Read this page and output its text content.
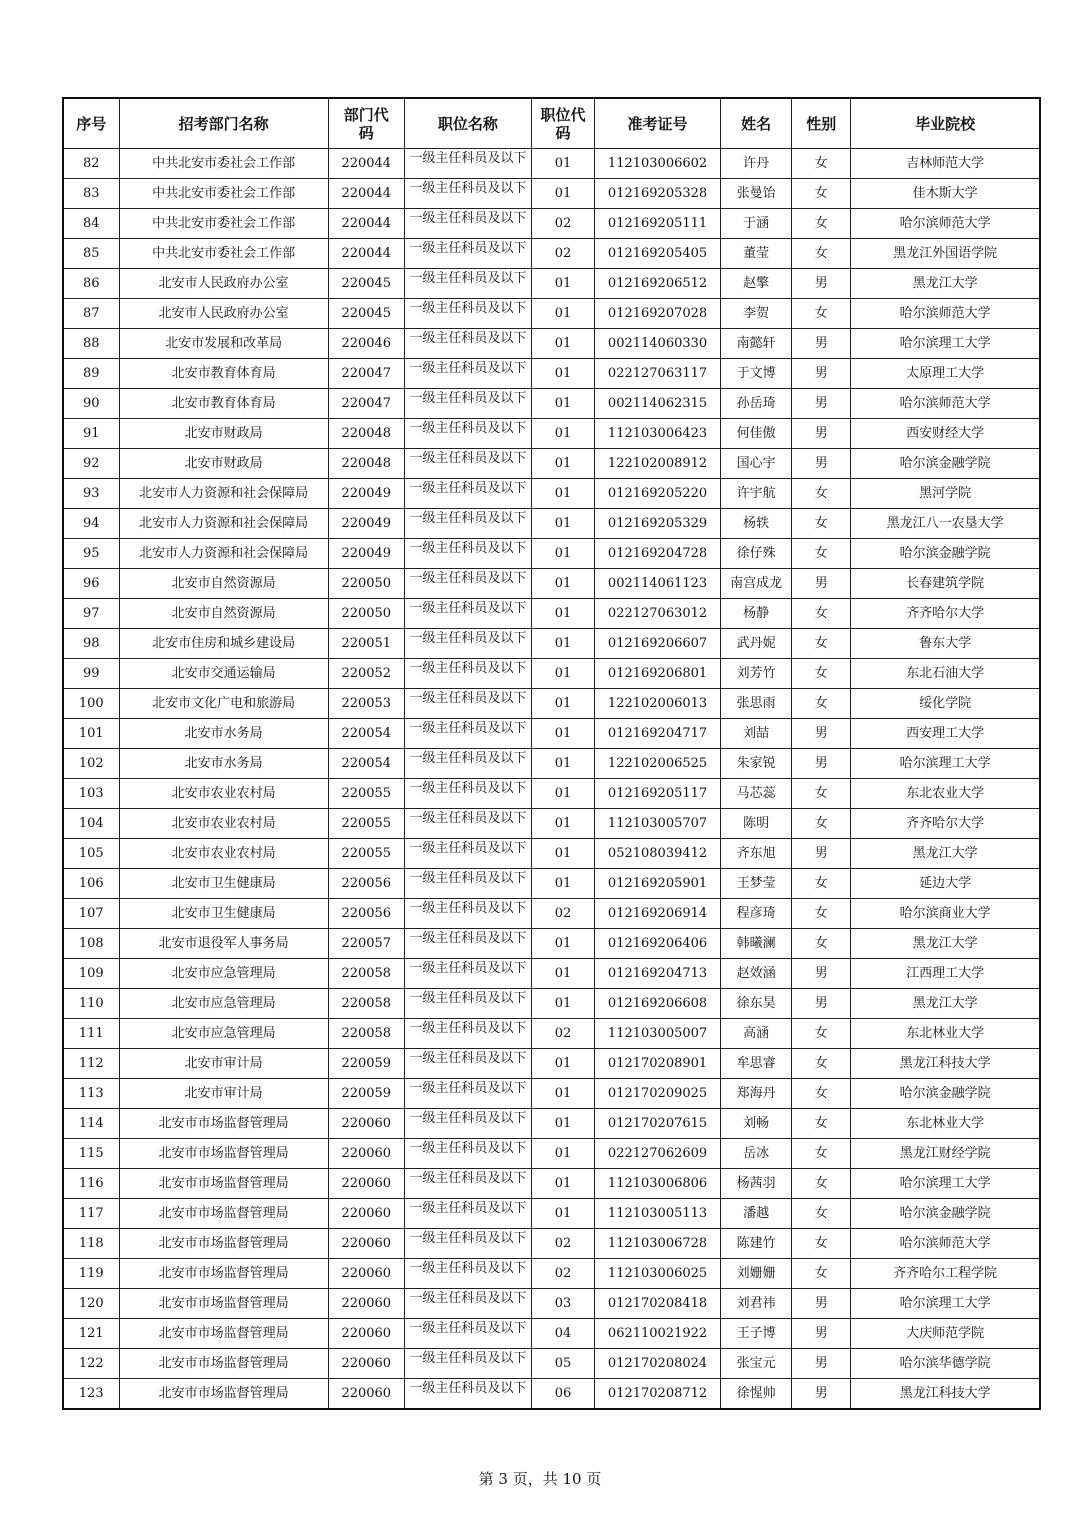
序号	招考部门名称	部门代码	职位名称	职位代码	准考证号	姓名	性别	毕业院校
82	中共北安市委社会工作部	220044	一级主任科员及以下	01	112103006602	许丹	女	吉林师范大学
83	中共北安市委社会工作部	220044	一级主任科员及以下	01	012169205328	张曼饴	女	佳木斯大学
84	中共北安市委社会工作部	220044	一级主任科员及以下	02	012169205111	于涵	女	哈尔滨师范大学
85	中共北安市委社会工作部	220044	一级主任科员及以下	02	012169205405	董莹	女	黑龙江外国语学院
86	北安市人民政府办公室	220045	一级主任科员及以下	01	012169206512	赵擎	男	黑龙江大学
87	北安市人民政府办公室	220045	一级主任科员及以下	01	012169207028	李贺	女	哈尔滨师范大学
88	北安市发展和改革局	220046	一级主任科员及以下	01	002114060330	南懿轩	男	哈尔滨理工大学
89	北安市教育体育局	220047	一级主任科员及以下	01	022127063117	于文博	男	太原理工大学
90	北安市教育体育局	220047	一级主任科员及以下	01	002114062315	孙岳琦	男	哈尔滨师范大学
91	北安市财政局	220048	一级主任科员及以下	01	112103006423	何佳傲	男	西安财经大学
92	北安市财政局	220048	一级主任科员及以下	01	122102008912	国心宇	男	哈尔滨金融学院
93	北安市人力资源和社会保障局	220049	一级主任科员及以下	01	012169205220	许宇航	女	黑河学院
94	北安市人力资源和社会保障局	220049	一级主任科员及以下	01	012169205329	杨轶	女	黑龙江八一农垦大学
95	北安市人力资源和社会保障局	220049	一级主任科员及以下	01	012169204728	徐仔殊	女	哈尔滨金融学院
96	北安市自然资源局	220050	一级主任科员及以下	01	002114061123	南宫成龙	男	长春建筑学院
97	北安市自然资源局	220050	一级主任科员及以下	01	022127063012	杨静	女	齐齐哈尔大学
98	北安市住房和城乡建设局	220051	一级主任科员及以下	01	012169206607	武丹妮	女	鲁东大学
99	北安市交通运输局	220052	一级主任科员及以下	01	012169206801	刘芳竹	女	东北石油大学
100	北安市文化广电和旅游局	220053	一级主任科员及以下	01	122102006013	张思雨	女	绥化学院
101	北安市水务局	220054	一级主任科员及以下	01	012169204717	刘喆	男	西安理工大学
102	北安市水务局	220054	一级主任科员及以下	01	122102006525	朱家锐	男	哈尔滨理工大学
103	北安市农业农村局	220055	一级主任科员及以下	01	012169205117	马芯蕊	女	东北农业大学
104	北安市农业农村局	220055	一级主任科员及以下	01	112103005707	陈明	女	齐齐哈尔大学
105	北安市农业农村局	220055	一级主任科员及以下	01	052108039412	齐东旭	男	黑龙江大学
106	北安市卫生健康局	220056	一级主任科员及以下	01	012169205901	王梦莹	女	延边大学
107	北安市卫生健康局	220056	一级主任科员及以下	02	012169206914	程彦琦	女	哈尔滨商业大学
108	北安市退役军人事务局	220057	一级主任科员及以下	01	012169206406	韩曦澜	女	黑龙江大学
109	北安市应急管理局	220058	一级主任科员及以下	01	012169204713	赵效涵	男	江西理工大学
110	北安市应急管理局	220058	一级主任科员及以下	01	012169206608	徐东昊	男	黑龙江大学
111	北安市应急管理局	220058	一级主任科员及以下	02	112103005007	高涵	女	东北林业大学
112	北安市审计局	220059	一级主任科员及以下	01	012170208901	牟思睿	女	黑龙江科技大学
113	北安市审计局	220059	一级主任科员及以下	01	012170209025	郑海丹	女	哈尔滨金融学院
114	北安市市场监督管理局	220060	一级主任科员及以下	01	012170207615	刘畅	女	东北林业大学
115	北安市市场监督管理局	220060	一级主任科员及以下	01	022127062609	岳冰	女	黑龙江财经学院
116	北安市市场监督管理局	220060	一级主任科员及以下	01	112103006806	杨茜羽	女	哈尔滨理工大学
117	北安市市场监督管理局	220060	一级主任科员及以下	01	112103005113	潘越	女	哈尔滨金融学院
118	北安市市场监督管理局	220060	一级主任科员及以下	02	112103006728	陈建竹	女	哈尔滨师范大学
119	北安市市场监督管理局	220060	一级主任科员及以下	02	112103006025	刘姗姗	女	齐齐哈尔工程学院
120	北安市市场监督管理局	220060	一级主任科员及以下	03	012170208418	刘君祎	男	哈尔滨理工大学
121	北安市市场监督管理局	220060	一级主任科员及以下	04	062110021922	王子博	男	大庆师范学院
122	北安市市场监督管理局	220060	一级主任科员及以下	05	012170208024	张宝元	男	哈尔滨华德学院
123	北安市市场监督管理局	220060	一级主任科员及以下	06	012170208712	徐惺帅	男	黑龙江科技大学
第 3 页，共 10 页
